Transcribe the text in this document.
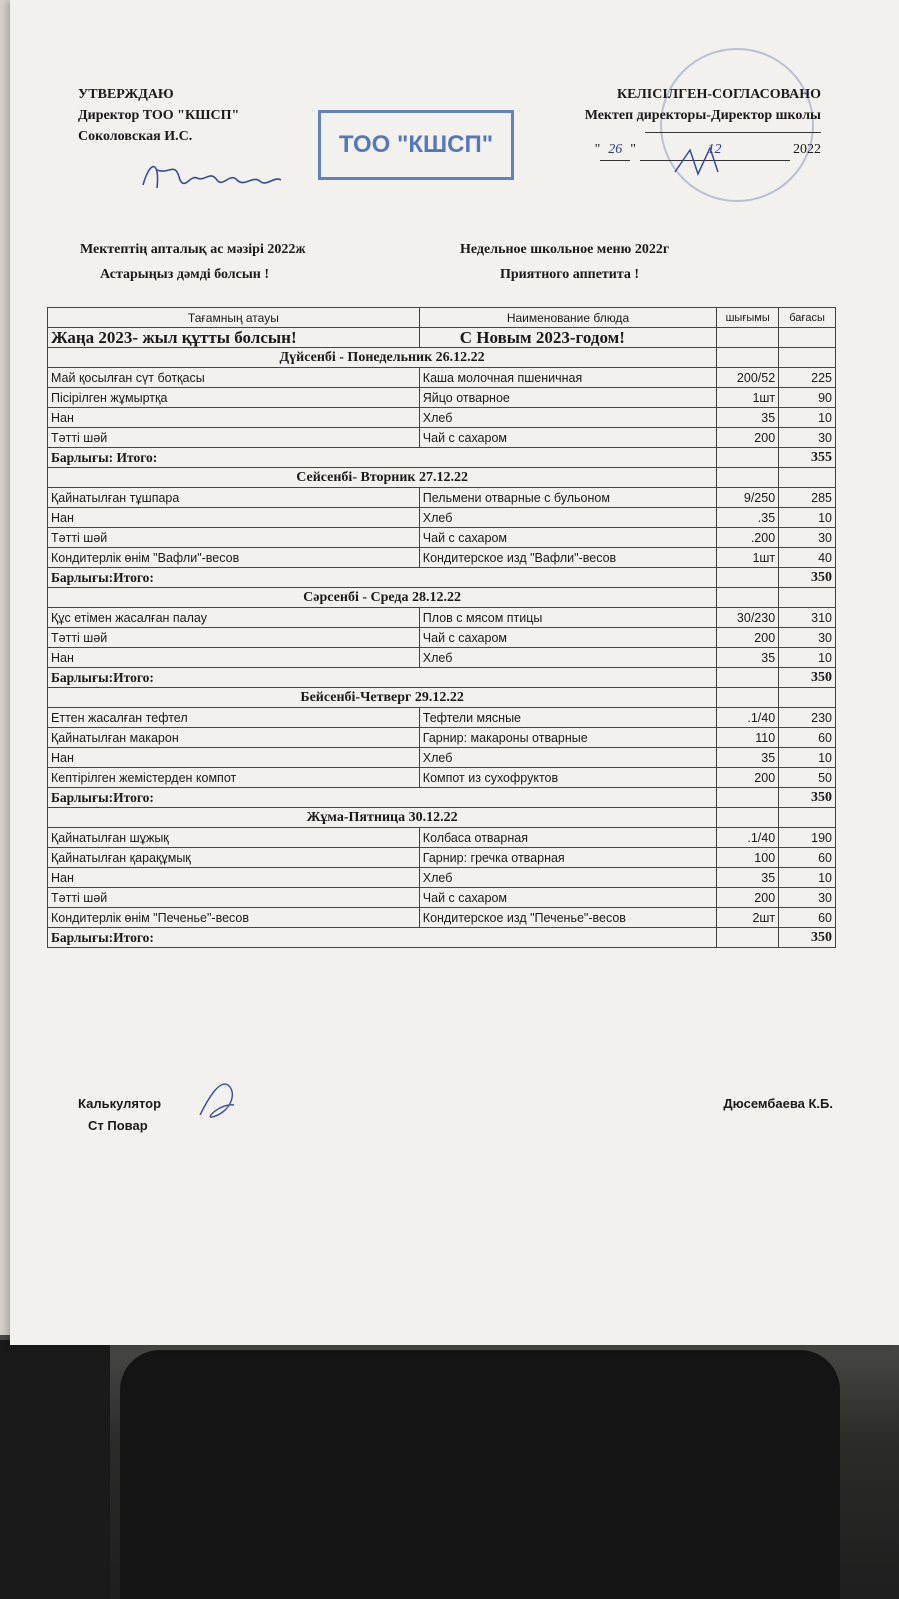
УТВЕРЖДАЮ
Директор ТОО "КШСП"
Соколовская И.С.
КЕЛІСІЛГЕН-СОГЛАСОВАНО
Мектеп директоры-Директор школы
" 26 "	12	2022
ТОО "КШСП"
Мектептің апталық ас мәзірі 2022ж
Астарыңыз дәмді болсын !
Недельное школьное меню 2022г
Приятного аппетита !
Тағамның атауы	Наименование блюда	шығымы	бағасы
Жаңа 2023- жыл құтты болсын!	С Новым 2023-годом!		
Дүйсенбі - Понедельник 26.12.22			
Май қосылған сүт ботқасы	Каша молочная пшеничная	200/52	225
Пісірілген жұмыртқа	Яйцо отварное	1шт	90
Нан	Хлеб	35	10
Тәтті шәй	Чай с сахаром	200	30
Барлығы: Итого:			355
Сейсенбі- Вторник 27.12.22			
Қайнатылған тұшпара	Пельмени отварные с бульоном	9/250	285
Нан	Хлеб	.35	10
Тәтті шәй	Чай с сахаром	.200	30
Кондитерлік өнім "Вафли"-весов	Кондитерское изд "Вафли"-весов	1шт	40
Барлығы:Итого:			350
Сәрсенбі - Среда 28.12.22			
Құс етімен жасалған палау	Плов с мясом птицы	30/230	310
Тәтті шәй	Чай с сахаром	200	30
Нан	Хлеб	35	10
Барлығы:Итого:			350
Бейсенбі-Четверг 29.12.22			
Еттен жасалған тефтел	Тефтели мясные	.1/40	230
Қайнатылған макарон	Гарнир: макароны отварные	110	60
Нан	Хлеб	35	10
Кептірілген жемістерден компот	Компот из сухофруктов	200	50
Барлығы:Итого:			350
Жұма-Пятница 30.12.22			
Қайнатылған шұжық	Колбаса отварная	.1/40	190
Қайнатылған қарақұмық	Гарнир: гречка отварная	100	60
Нан	Хлеб	35	10
Тәтті шәй	Чай с сахаром	200	30
Кондитерлік өнім "Печенье"-весов	Кондитерское изд "Печенье"-весов	2шт	60
Барлығы:Итого:			350
Калькулятор
Ст Повар
Дюсембаева К.Б.
